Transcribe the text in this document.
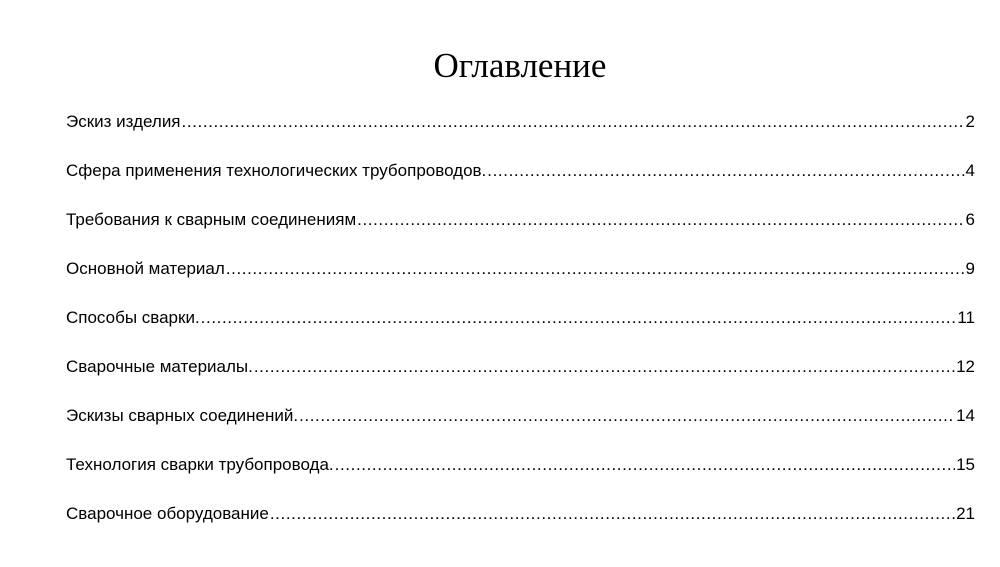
Оглавление
Эскиз изделия .....	2
Сфера применения технологических трубопроводов. .....	4
Требования к сварным соединениям .....	6
Основной материал .....	9
Способы сварки. .....	11
Сварочные материалы. .....	12
Эскизы сварных соединений. .....	14
Технология сварки трубопровода. .....	15
Сварочное оборудование .....	21
